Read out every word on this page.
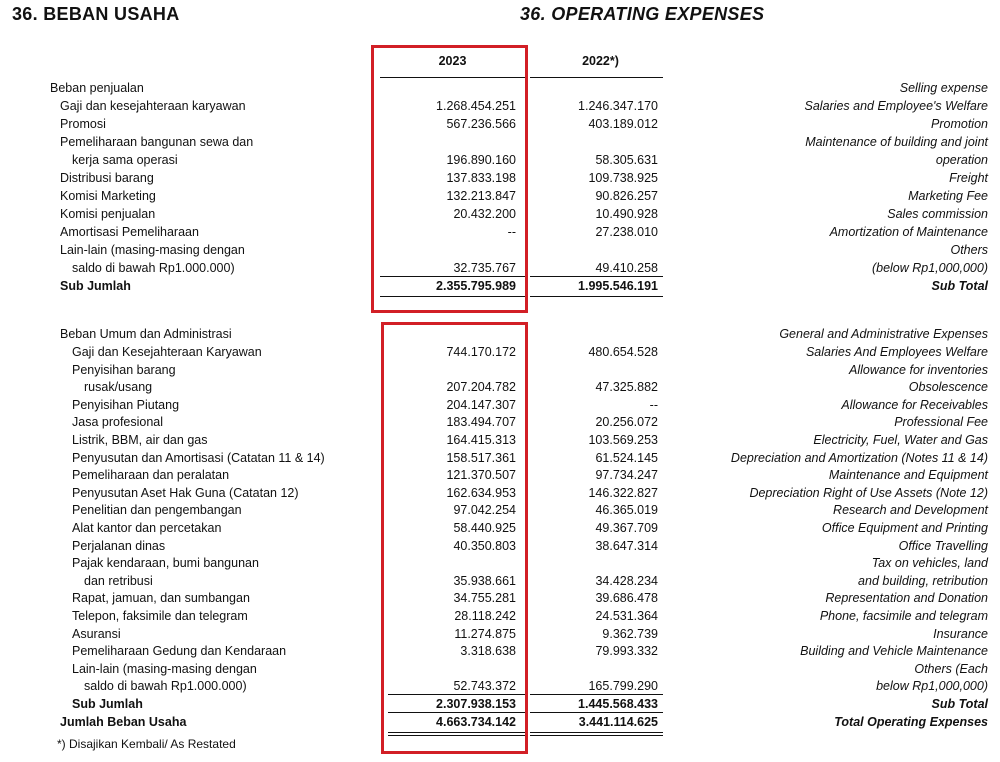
36. BEBAN USAHA	36. OPERATING EXPENSES
2023	2022*)
Beban penjualan	Selling expense
Gaji dan kesejahteraan karyawan	1.268.454.251	1.246.347.170	Salaries and Employee's Welfare
Promosi	567.236.566	403.189.012	Promotion
Pemeliharaan bangunan sewa dan	Maintenance of building and joint
kerja sama operasi	196.890.160	58.305.631	operation
Distribusi barang	137.833.198	109.738.925	Freight
Komisi Marketing	132.213.847	90.826.257	Marketing Fee
Komisi penjualan	20.432.200	10.490.928	Sales commission
Amortisasi Pemeliharaan	--	27.238.010	Amortization of Maintenance
Lain-lain (masing-masing dengan	Others
saldo di bawah Rp1.000.000)	32.735.767	49.410.258	(below Rp1,000,000)
Sub Jumlah	2.355.795.989	1.995.546.191	Sub Total
Beban Umum dan Administrasi	General and Administrative Expenses
Gaji dan Kesejahteraan Karyawan	744.170.172	480.654.528	Salaries And Employees Welfare
Penyisihan barang	Allowance for inventories
rusak/usang	207.204.782	47.325.882	Obsolescence
Penyisihan Piutang	204.147.307	--	Allowance for Receivables
Jasa profesional	183.494.707	20.256.072	Professional Fee
Listrik, BBM, air dan gas	164.415.313	103.569.253	Electricity, Fuel, Water and Gas
Penyusutan dan Amortisasi (Catatan 11 & 14)	158.517.361	61.524.145	Depreciation and Amortization (Notes 11 & 14)
Pemeliharaan dan peralatan	121.370.507	97.734.247	Maintenance and Equipment
Penyusutan Aset Hak Guna (Catatan 12)	162.634.953	146.322.827	Depreciation Right of Use Assets (Note 12)
Penelitian dan pengembangan	97.042.254	46.365.019	Research and Development
Alat kantor dan percetakan	58.440.925	49.367.709	Office Equipment and Printing
Perjalanan dinas	40.350.803	38.647.314	Office Travelling
Pajak kendaraan, bumi bangunan	Tax on vehicles, land
dan retribusi	35.938.661	34.428.234	and building, retribution
Rapat, jamuan, dan sumbangan	34.755.281	39.686.478	Representation and Donation
Telepon, faksimile dan telegram	28.118.242	24.531.364	Phone, facsimile and telegram
Asuransi	11.274.875	9.362.739	Insurance
Pemeliharaan Gedung dan Kendaraan	3.318.638	79.993.332	Building and Vehicle Maintenance
Lain-lain (masing-masing dengan	Others (Each
saldo di bawah Rp1.000.000)	52.743.372	165.799.290	below Rp1,000,000)
Sub Jumlah	2.307.938.153	1.445.568.433	Sub Total
Jumlah Beban Usaha	4.663.734.142	3.441.114.625	Total Operating Expenses
*) Disajikan Kembali/ As Restated
